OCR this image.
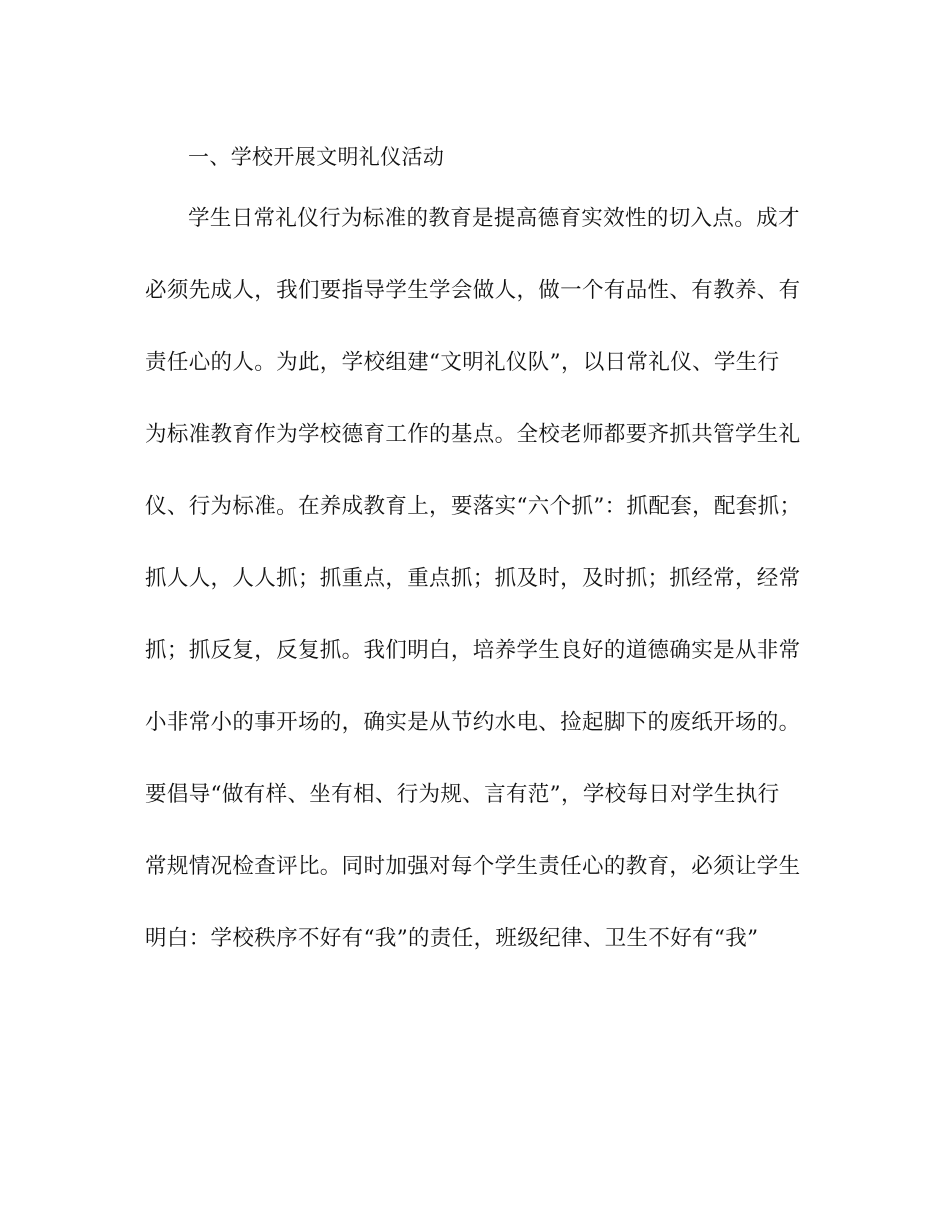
一、学校开展文明礼仪活动
学生日常礼仪行为标准的教育是提高德育实效性的切入点。成才
必须先成人，我们要指导学生学会做人，做一个有品性、有教养、有
责任心的人。为此，学校组建“文明礼仪队”，以日常礼仪、学生行
为标准教育作为学校德育工作的基点。全校老师都要齐抓共管学生礼
仪、行为标准。在养成教育上，要落实“六个抓”：抓配套，配套抓；
抓人人，人人抓；抓重点，重点抓；抓及时，及时抓；抓经常，经常
抓；抓反复，反复抓。我们明白，培养学生良好的道德确实是从非常
小非常小的事开场的，确实是从节约水电、捡起脚下的废纸开场的。
要倡导“做有样、坐有相、行为规、言有范”，学校每日对学生执行
常规情况检查评比。同时加强对每个学生责任心的教育，必须让学生
明白：学校秩序不好有“我”的责任，班级纪律、卫生不好有“我”
